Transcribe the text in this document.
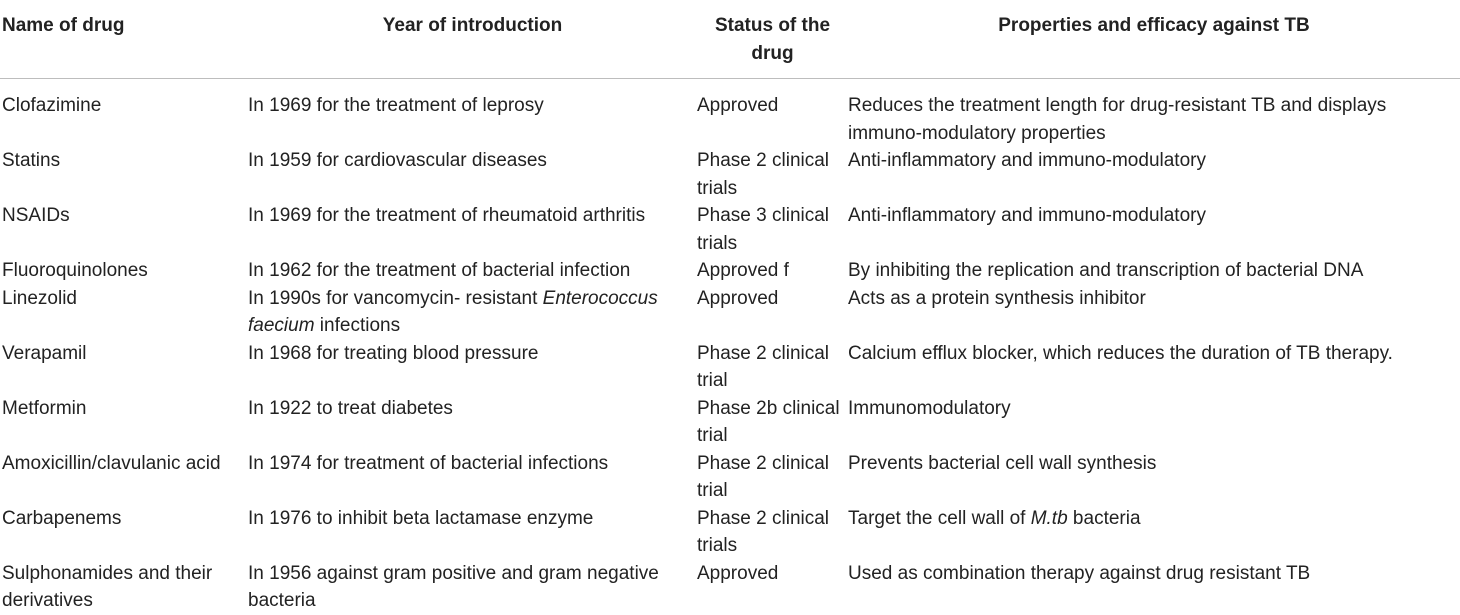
Name of drug	Year of introduction	Status of the drug	Properties and efficacy against TB
Clofazimine	In 1969 for the treatment of leprosy	Approved	Reduces the treatment length for drug-resistant TB and displays immuno-modulatory properties
Statins	In 1959 for cardiovascular diseases	Phase 2 clinical trials	Anti-inflammatory and immuno-modulatory
NSAIDs	In 1969 for the treatment of rheumatoid arthritis	Phase 3 clinical trials	Anti-inflammatory and immuno-modulatory
Fluoroquinolones	In 1962 for the treatment of bacterial infection	Approved f	By inhibiting the replication and transcription of bacterial DNA
Linezolid	In 1990s for vancomycin- resistant Enterococcus faecium infections	Approved	Acts as a protein synthesis inhibitor
Verapamil	In 1968 for treating blood pressure	Phase 2 clinical trial	Calcium efflux blocker, which reduces the duration of TB therapy.
Metformin	In 1922 to treat diabetes	Phase 2b clinical trial	Immunomodulatory
Amoxicillin/clavulanic acid	In 1974 for treatment of bacterial infections	Phase 2 clinical trial	Prevents bacterial cell wall synthesis
Carbapenems	In 1976 to inhibit beta lactamase enzyme	Phase 2 clinical trials	Target the cell wall of M.tb bacteria
Sulphonamides and their derivatives	In 1956 against gram positive and gram negative bacteria	Approved	Used as combination therapy against drug resistant TB
